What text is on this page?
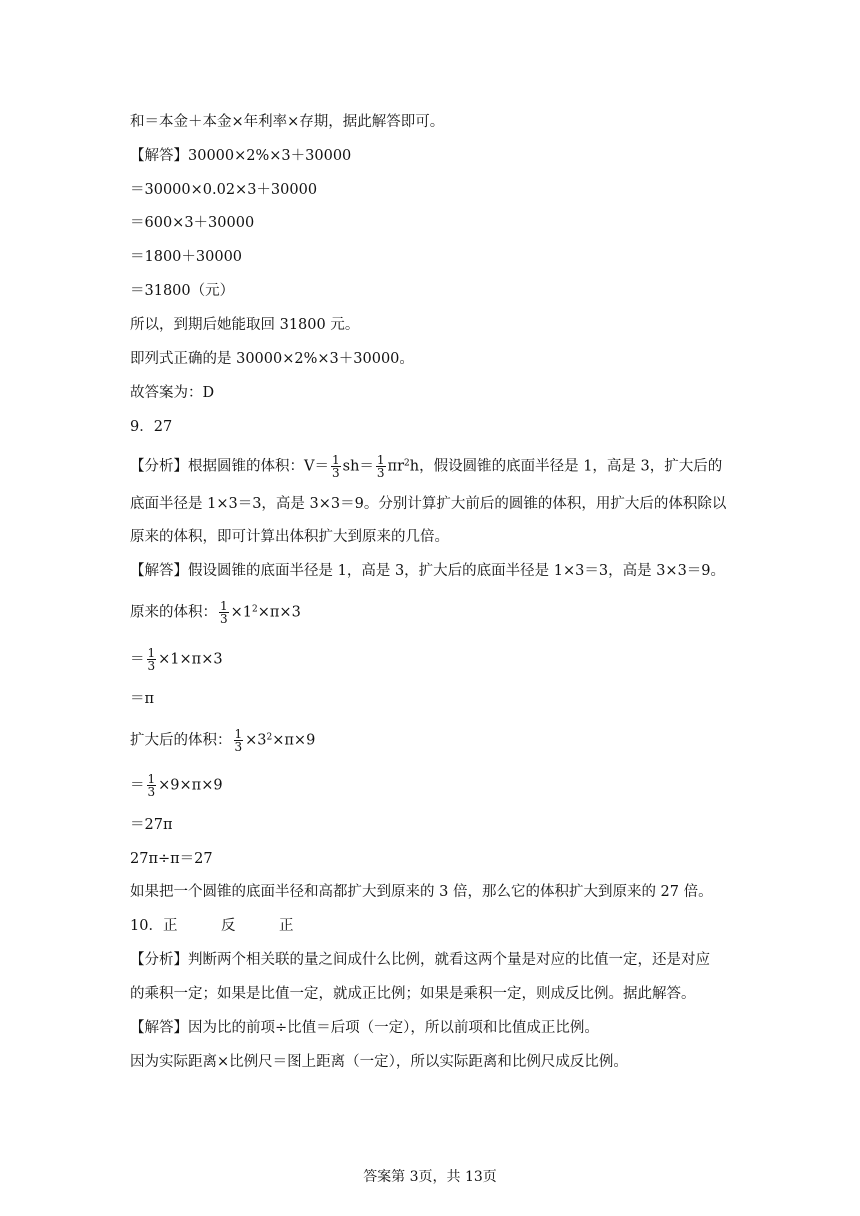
和＝本金＋本金×年利率×存期，据此解答即可。
【解答】30000×2%×3＋30000
＝30000×0.02×3＋30000
＝600×3＋30000
＝1800＋30000
＝31800（元）
所以，到期后她能取回 31800 元。
即列式正确的是 30000×2%×3＋30000。
故答案为：D
9．27
【分析】根据圆锥的体积：$V= \frac{1}{3} sh= \frac{1}{3} \pi r^2h$，假设圆锥的底面半径是 1，高是 3，扩大后的
底面半径是 1×3＝3，高是 3×3＝9。分别计算扩大前后的圆锥的体积，用扩大后的体积除以
原来的体积，即可计算出体积扩大到原来的几倍。
【解答】假设圆锥的底面半径是 1，高是 3，扩大后的底面半径是 1×3＝3，高是 3×3＝9。
原来的体积： $\frac{1}{3} \times 1^2\times\pi\times 3$
＝ $\frac{1}{3} \times 1\times\pi\times 3$
＝π
扩大后的体积： $\frac{1}{3} \times 3^2\times\pi\times 9$
＝ $\frac{1}{3} \times 9\times\pi\times 9$
＝27π
27π÷π＝27
如果把一个圆锥的底面半径和高都扩大到原来的 3 倍，那么它的体积扩大到原来的 27 倍。
10．正　　　反　　　正
【分析】判断两个相关联的量之间成什么比例，就看这两个量是对应的比值一定，还是对应
的乘积一定；如果是比值一定，就成正比例；如果是乘积一定，则成反比例。据此解答。
【解答】因为比的前项÷比值＝后项（一定），所以前项和比值成正比例。
因为实际距离×比例尺＝图上距离（一定），所以实际距离和比例尺成反比例。
答案第 3页，共 13页
